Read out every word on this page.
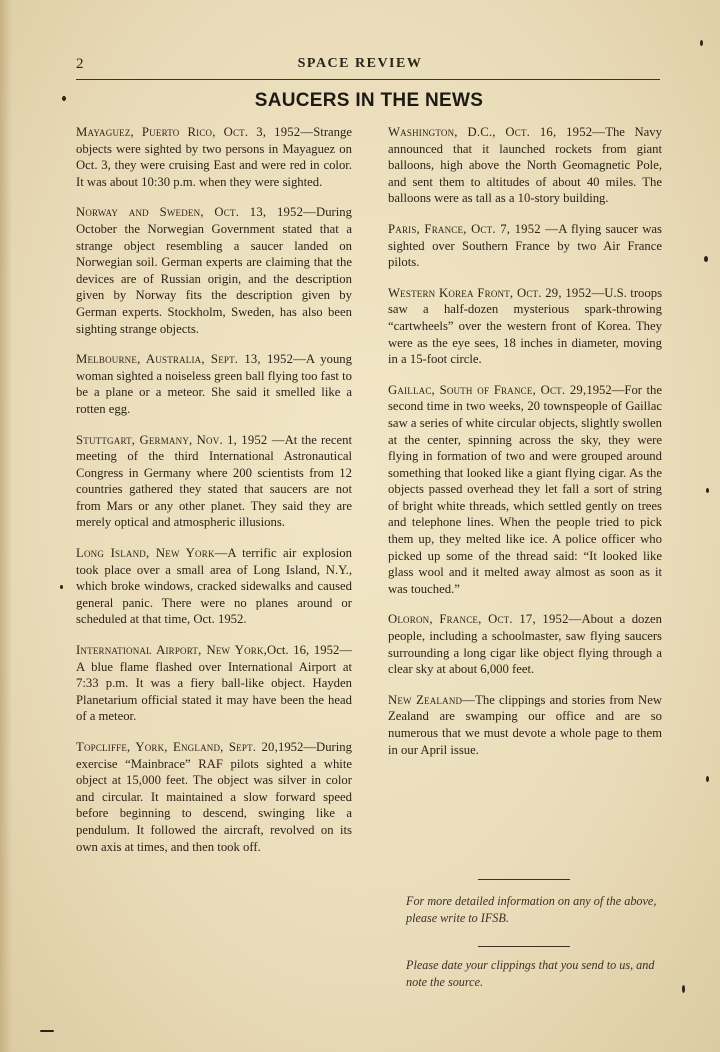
2	SPACE REVIEW
SAUCERS IN THE NEWS

Mayaguez, Puerto Rico, Oct. 3, 1952—Strange objects were sighted by two persons in Mayaguez on Oct. 3, they were cruising East and were red in color. It was about 10:30 p.m. when they were sighted.

Norway and Sweden, Oct. 13, 1952—During October the Norwegian Government stated that a strange object resembling a saucer landed on Norwegian soil. German experts are claiming that the devices are of Russian origin, and the description given by Norway fits the description given by German experts. Stockholm, Sweden, has also been sighting strange objects.

Melbourne, Australia, Sept. 13, 1952—A young woman sighted a noiseless green ball flying too fast to be a plane or a meteor. She said it smelled like a rotten egg.

Stuttgart, Germany, Nov. 1, 1952 —At the recent meeting of the third International Astronautical Congress in Germany where 200 scientists from 12 countries gathered they stated that saucers are not from Mars or any other planet. They said they are merely optical and atmospheric illusions.

Long Island, New York—A terrific air explosion took place over a small area of Long Island, N.Y., which broke windows, cracked sidewalks and caused general panic. There were no planes around or scheduled at that time, Oct. 1952.

International Airport, New York,Oct. 16, 1952—A blue flame flashed over International Airport at 7:33 p.m. It was a fiery ball-like object. Hayden Planetarium official stated it may have been the head of a meteor.

Topcliffe, York, England, Sept. 20,1952—During exercise “Mainbrace” RAF pilots sighted a white object at 15,000 feet. The object was silver in color and circular. It maintained a slow forward speed before beginning to descend, swinging like a pendulum. It followed the aircraft, revolved on its own axis at times, and then took off.

Washington, D.C., Oct. 16, 1952—The Navy announced that it launched rockets from giant balloons, high above the North Geomagnetic Pole, and sent them to altitudes of about 40 miles. The balloons were as tall as a 10-story building.

Paris, France, Oct. 7, 1952 —A flying saucer was sighted over Southern France by two Air France pilots.

Western Korea Front, Oct. 29, 1952—U.S. troops saw a half-dozen mysterious spark-throwing “cartwheels” over the western front of Korea. They were as the eye sees, 18 inches in diameter, moving in a 15-foot circle.

Gaillac, South of France, Oct. 29,1952—For the second time in two weeks, 20 townspeople of Gaillac saw a series of white circular objects, slightly swollen at the center, spinning across the sky, they were flying in formation of two and were grouped around something that looked like a giant flying cigar. As the objects passed overhead they let fall a sort of string of bright white threads, which settled gently on trees and telephone lines. When the people tried to pick them up, they melted like ice. A police officer who picked up some of the thread said: “It looked like glass wool and it melted away almost as soon as it was touched.”

Oloron, France, Oct. 17, 1952—About a dozen people, including a schoolmaster, saw flying saucers surrounding a long cigar like object flying through a clear sky at about 6,000 feet.

New Zealand—The clippings and stories from New Zealand are swamping our office and are so numerous that we must devote a whole page to them in our April issue.

For more detailed information on any of the above, please write to IFSB.
Please date your clippings that you send to us, and note the source.
